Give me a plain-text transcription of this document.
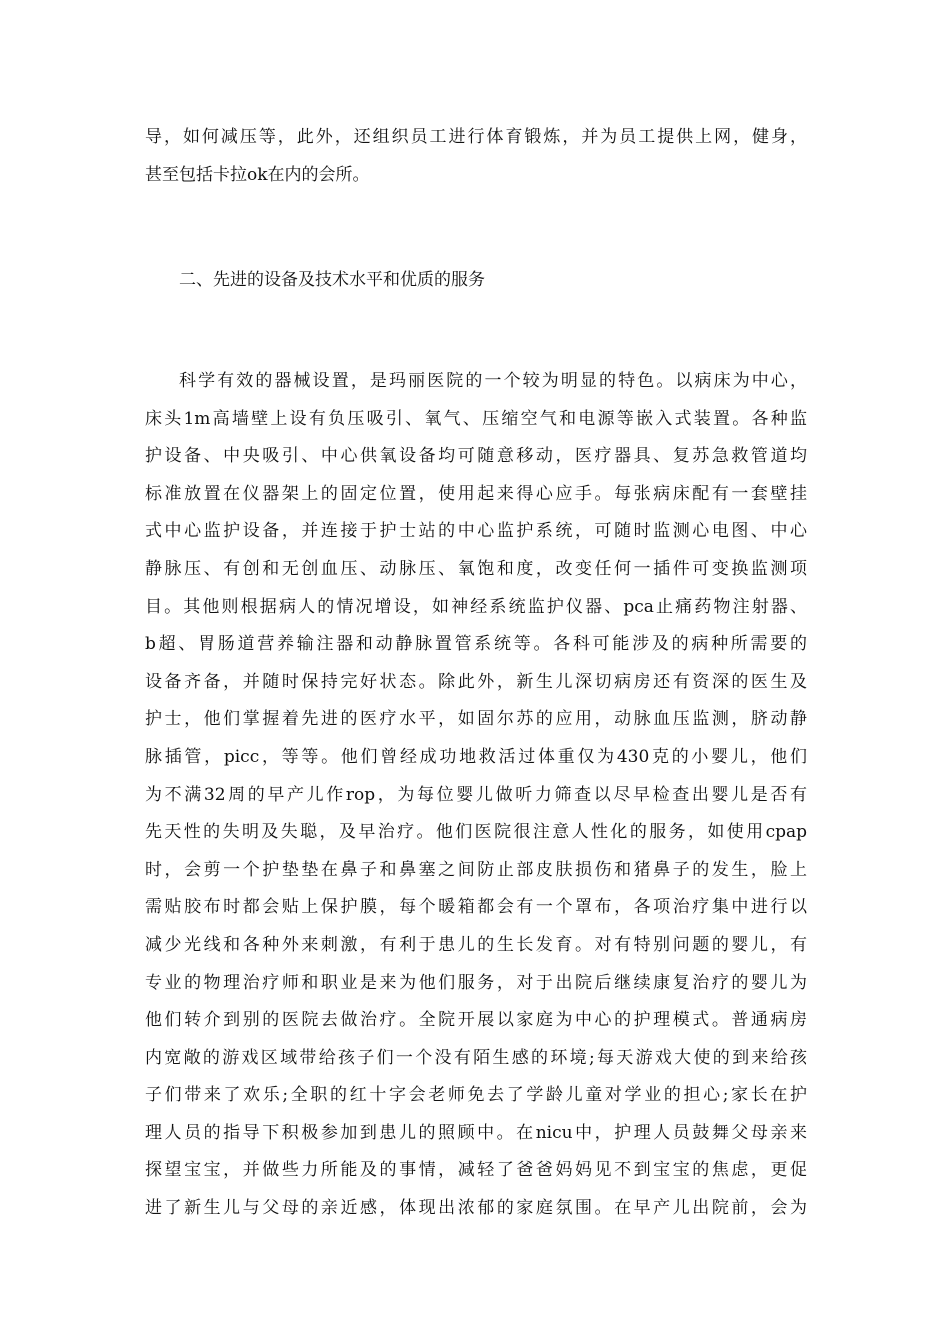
导，如何减压等，此外，还组织员工进行体育锻炼，并为员工提供上网，健身，
甚至包括卡拉ok在内的会所。
二、先进的设备及技术水平和优质的服务
科学有效的器械设置，是玛丽医院的一个较为明显的特色。以病床为中心，
床头1m高墙壁上设有负压吸引、氧气、压缩空气和电源等嵌入式装置。各种监
护设备、中央吸引、中心供氧设备均可随意移动，医疗器具、复苏急救管道均
标准放置在仪器架上的固定位置，使用起来得心应手。每张病床配有一套壁挂
式中心监护设备，并连接于护士站的中心监护系统，可随时监测心电图、中心
静脉压、有创和无创血压、动脉压、氧饱和度，改变任何一插件可变换监测项
目。其他则根据病人的情况增设，如神经系统监护仪器、pca止痛药物注射器、
b超、胃肠道营养输注器和动静脉置管系统等。各科可能涉及的病种所需要的
设备齐备，并随时保持完好状态。除此外，新生儿深切病房还有资深的医生及
护士，他们掌握着先进的医疗水平，如固尔苏的应用，动脉血压监测，脐动静
脉插管，picc，等等。他们曾经成功地救活过体重仅为430克的小婴儿，他们
为不满32周的早产儿作rop，为每位婴儿做听力筛查以尽早检查出婴儿是否有
先天性的失明及失聪，及早治疗。他们医院很注意人性化的服务，如使用cpap
时，会剪一个护垫垫在鼻子和鼻塞之间防止部皮肤损伤和猪鼻子的发生，脸上
需贴胶布时都会贴上保护膜，每个暖箱都会有一个罩布，各项治疗集中进行以
减少光线和各种外来刺激，有利于患儿的生长发育。对有特别问题的婴儿，有
专业的物理治疗师和职业是来为他们服务，对于出院后继续康复治疗的婴儿为
他们转介到别的医院去做治疗。全院开展以家庭为中心的护理模式。普通病房
内宽敞的游戏区域带给孩子们一个没有陌生感的环境;每天游戏大使的到来给孩
子们带来了欢乐;全职的红十字会老师免去了学龄儿童对学业的担心;家长在护
理人员的指导下积极参加到患儿的照顾中。在nicu中，护理人员鼓舞父母亲来
探望宝宝，并做些力所能及的事情，减轻了爸爸妈妈见不到宝宝的焦虑，更促
进了新生儿与父母的亲近感，体现出浓郁的家庭氛围。在早产儿出院前，会为
